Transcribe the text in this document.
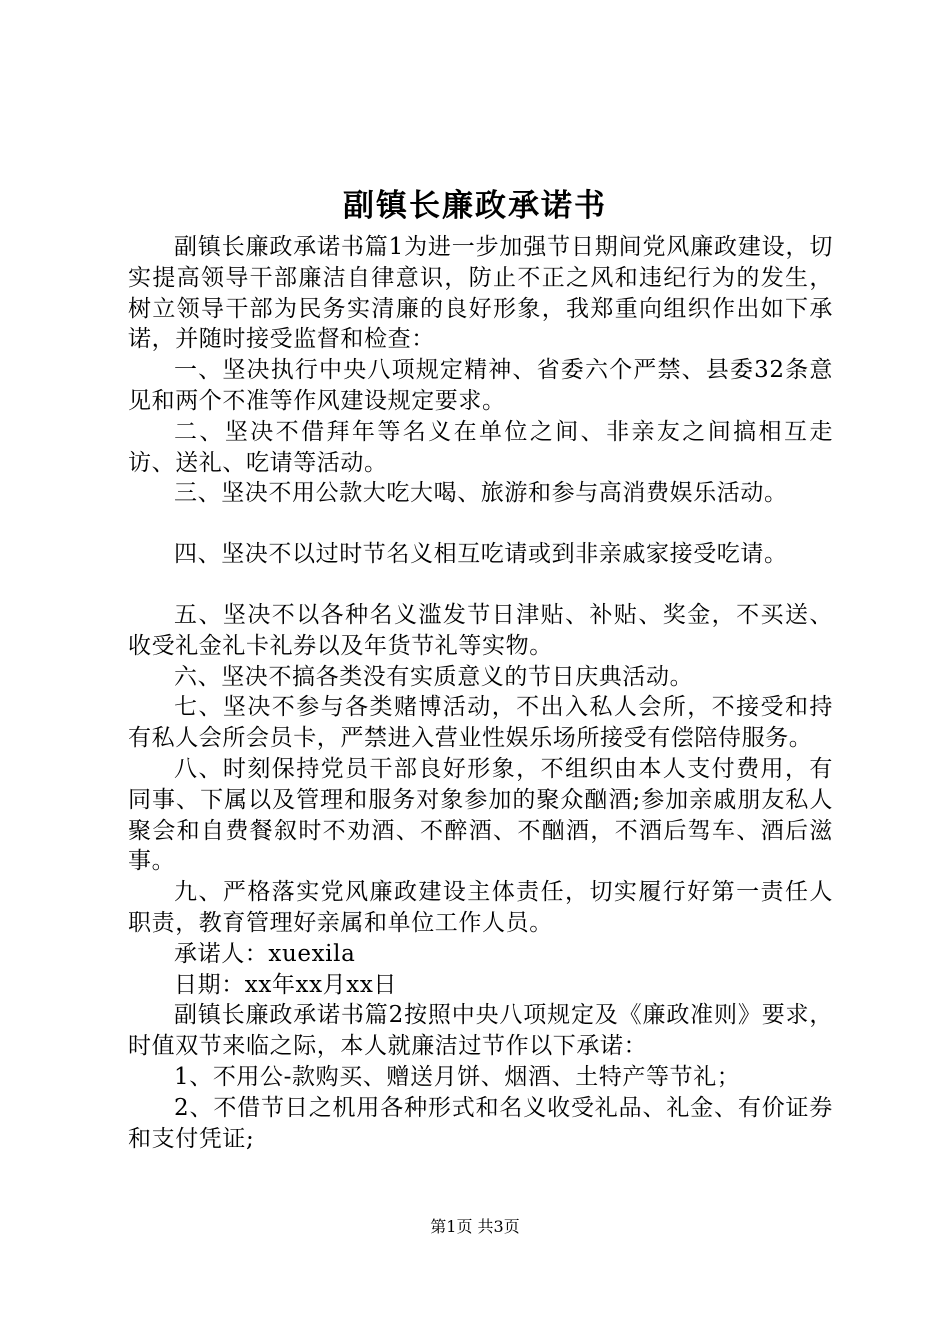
副镇长廉政承诺书

副镇长廉政承诺书篇1为进一步加强节日期间党风廉政建设，切实提高领导干部廉洁自律意识，防止不正之风和违纪行为的发生，树立领导干部为民务实清廉的良好形象，我郑重向组织作出如下承诺，并随时接受监督和检查：

一、坚决执行中央八项规定精神、省委六个严禁、县委32条意见和两个不准等作风建设规定要求。

二、坚决不借拜年等名义在单位之间、非亲友之间搞相互走访、送礼、吃请等活动。

三、坚决不用公款大吃大喝、旅游和参与高消费娱乐活动。

四、坚决不以过时节名义相互吃请或到非亲戚家接受吃请。

五、坚决不以各种名义滥发节日津贴、补贴、奖金，不买送、收受礼金礼卡礼券以及年货节礼等实物。

六、坚决不搞各类没有实质意义的节日庆典活动。

七、坚决不参与各类赌博活动，不出入私人会所，不接受和持有私人会所会员卡，严禁进入营业性娱乐场所接受有偿陪侍服务。

八、时刻保持党员干部良好形象，不组织由本人支付费用，有同事、下属以及管理和服务对象参加的聚众酗酒;参加亲戚朋友私人聚会和自费餐叙时不劝酒、不醉酒、不酗酒，不酒后驾车、酒后滋事。

九、严格落实党风廉政建设主体责任，切实履行好第一责任人职责，教育管理好亲属和单位工作人员。

承诺人：xuexila

日期：xx年xx月xx日

副镇长廉政承诺书篇2按照中央八项规定及《廉政准则》要求，时值双节来临之际，本人就廉洁过节作以下承诺：

1、不用公-款购买、赠送月饼、烟酒、土特产等节礼；

2、不借节日之机用各种形式和名义收受礼品、礼金、有价证券和支付凭证;

第1页 共3页
